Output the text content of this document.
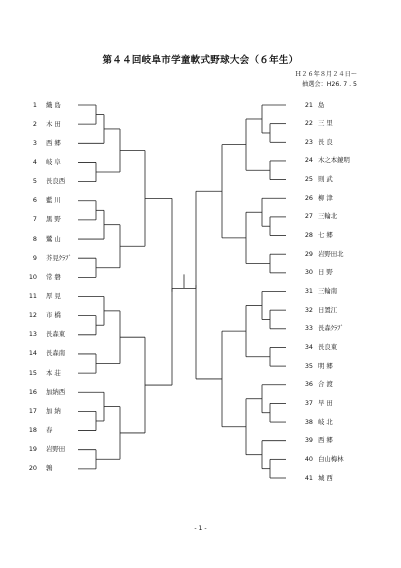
第４４回岐阜市学童軟式野球大会（６年生）
Ｈ２６年８月２４日～
抽選会：H26. 7 . 5
1 織 島
2 木 田
3 西 郷
4 岐 阜
5 長良西
6 藍 川
7 黒 野
8 鷺 山
9 芥見ｸﾗﾌﾞ
10 常 磐
11 厚 見
12 市 橋
13 長森東
14 長森南
15 本 荘
16 加納西
17 加 納
18 春
19 岩野田
20 鶉
21 島
22 三 里
23 長 良
24 木之本鏡明
25 則 武
26 柳 津
27 三輪北
28 七 郷
29 岩野田北
30 日 野
31 三輪南
32 日置江
33 長森ｸﾗﾌﾞ
34 長良東
35 明 郷
36 合 渡
37 早 田
38 岐 北
39 西 郷
40 白山梅林
41 城 西
- 1 -
